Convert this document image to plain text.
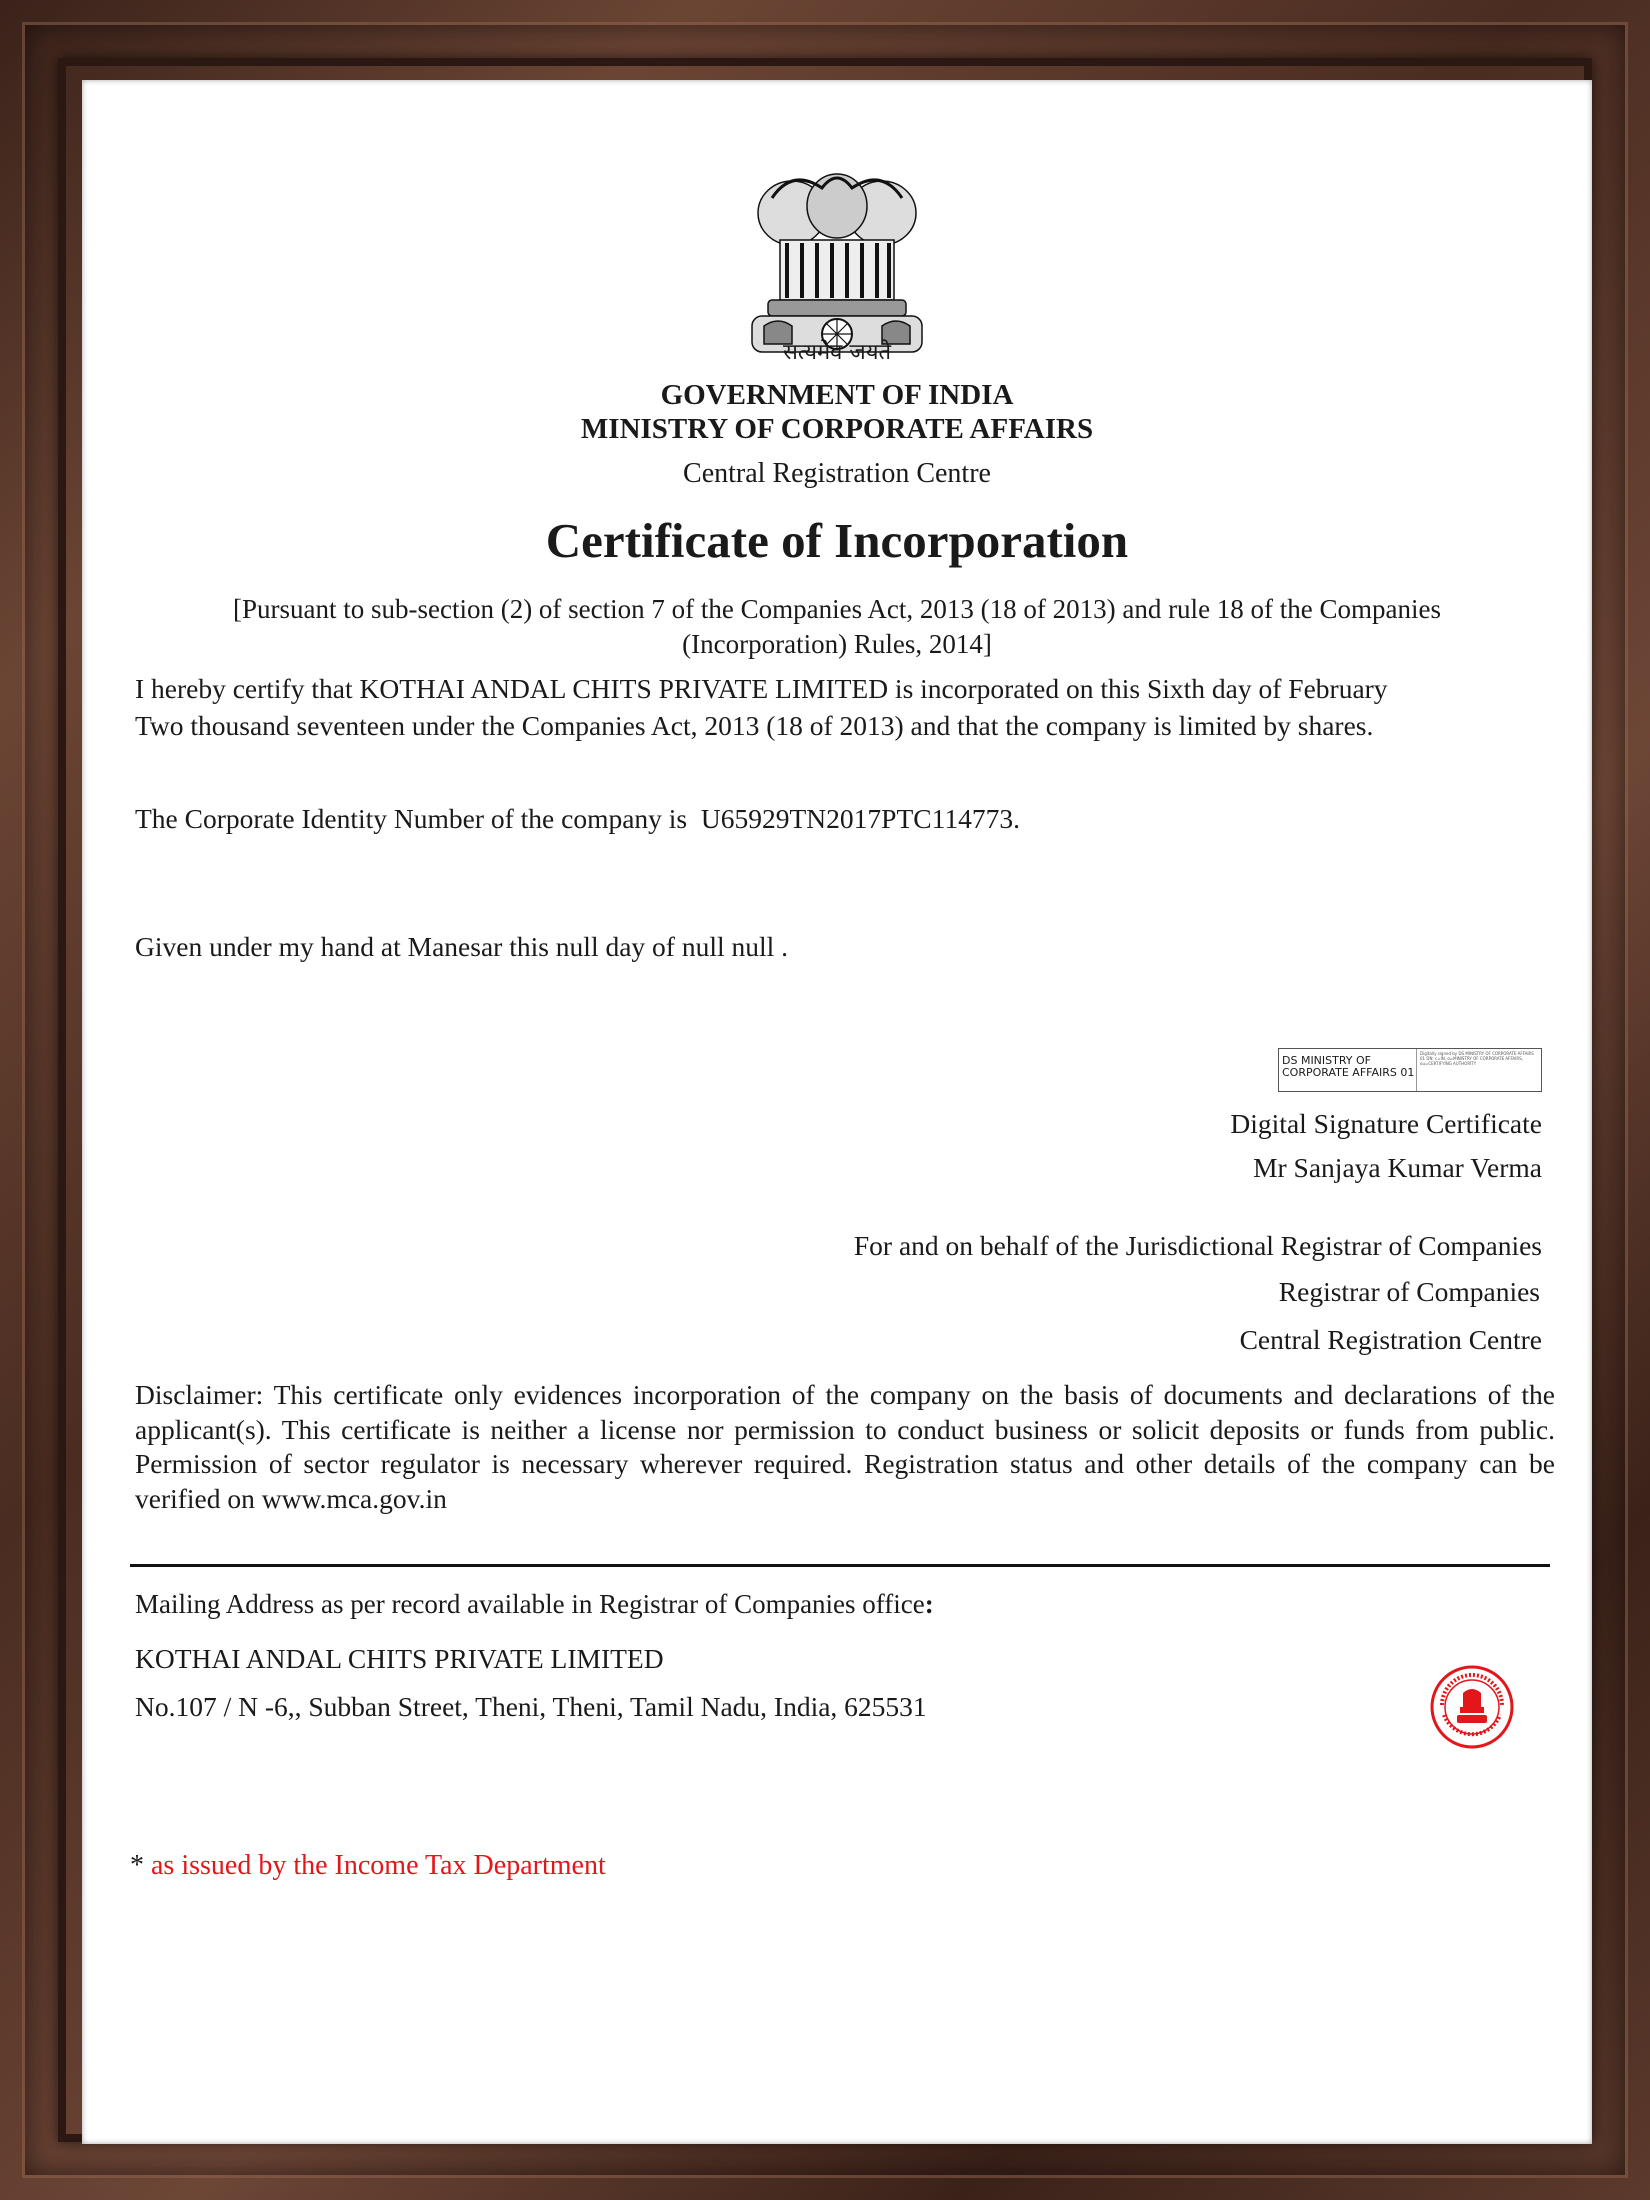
सत्यमेव जयते
GOVERNMENT OF INDIA
MINISTRY OF CORPORATE AFFAIRS
Central Registration Centre
Certificate of Incorporation
[Pursuant to sub-section (2) of section 7 of the Companies Act, 2013 (18 of 2013) and rule 18 of the Companies
(Incorporation) Rules, 2014]
I hereby certify that KOTHAI ANDAL CHITS PRIVATE LIMITED is incorporated on this Sixth day of February
Two thousand seventeen under the Companies Act, 2013 (18 of 2013) and that the company is limited by shares.
The Corporate Identity Number of the company is U65929TN2017PTC114773.
Given under my hand at Manesar this null day of null null .
DS MINISTRY OF
CORPORATE AFFAIRS 01
Digitally signed by DS MINISTRY OF CORPORATE AFFAIRS 01 DN: c=IN, o=MINISTRY OF CORPORATE AFFAIRS, ou=CERTIFYING AUTHORITY
Digital Signature Certificate
Mr Sanjaya Kumar Verma
For and on behalf of the Jurisdictional Registrar of Companies
Registrar of Companies
Central Registration Centre
Disclaimer: This certificate only evidences incorporation of the company on the basis of documents and declarations of the applicant(s). This certificate is neither a license nor permission to conduct business or solicit deposits or funds from public. Permission of sector regulator is necessary wherever required. Registration status and other details of the company can be verified on www.mca.gov.in
Mailing Address as per record available in Registrar of Companies office:
KOTHAI ANDAL CHITS PRIVATE LIMITED
No.107 / N -6,, Subban Street, Theni, Theni, Tamil Nadu, India, 625531
* as issued by the Income Tax Department
